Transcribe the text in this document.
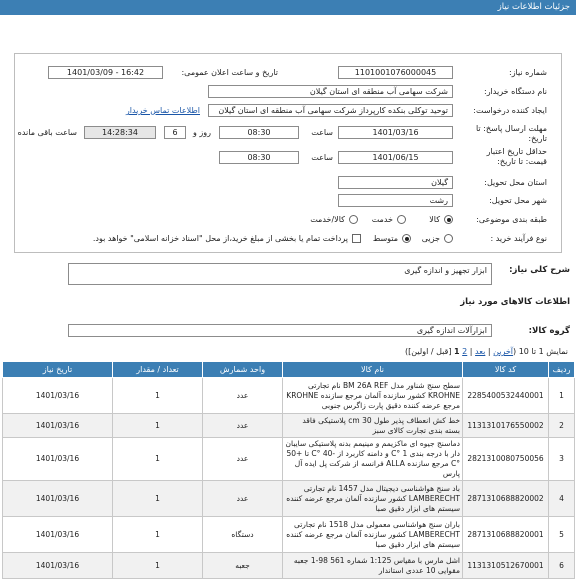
جزئیات اطلاعات نیاز
شماره نیاز:
1101001076000045
تاریخ و ساعت اعلان عمومی:
1401/03/09 - 16:42
نام دستگاه خریدار:
شرکت سهامی آب منطقه ای استان گیلان
ایجاد کننده درخواست:
توحید توکلی بنکده کارپرداز شرکت سهامی آب منطقه ای استان گیلان
اطلاعات تماس خریدار
مهلت ارسال پاسخ: تا
تاریخ:
1401/03/16
ساعت
08:30
6	روز و
14:28:34
ساعت باقی مانده
حداقل تاریخ اعتبار
قیمت: تا تاریخ:
1401/06/15
ساعت
08:30
استان محل تحویل:
گیلان
شهر محل تحویل:
رشت
طبقه بندی موضوعی:
کالا
خدمت
کالا/خدمت
نوع فرآیند خرید :
جزیی
متوسط
پرداخت تمام یا بخشی از مبلغ خرید،از محل "اسناد خزانه اسلامی" خواهد بود.
شرح کلی نیاز:
ابزار تجهیز و اندازه گیری
اطلاعات کالاهای مورد نیاز
گروه کالا:
ابزارآلات اندازه گیری
نمایش 1 تا 10 (آخرین | بعد | 2 1 [قبل / اولین])
ردیف	کد کالا	نام کالا	واحد شمارش	تعداد / مقدار	تاریخ نیاز
1	2285400532440001	سطح سنج شناور مدل BM 26A REF نام تجارتی KROHNE کشور سازنده آلمان مرجع سازنده KROHNE مرجع عرضه کننده دقیق پارت زاگرس جنوبی	عدد	1	1401/03/16
2	1131310176550002	خط کش انعطاف پذیر طول 30 cm پلاستیکی فاقد بسته بندی تجارت کالای سبز	عدد	1	1401/03/16
3	2821310080750056	دماسنج جیوه ای ماکزیمم و مینیمم بدنه پلاستیکی سایبان دار با درجه بندی 1 °C و دامنه کاربرد از -40 °C تا +50 °C مرجع سازنده ALLA فرانسه از شرکت پل ایده آل پارس	عدد	1	1401/03/16
4	2871310688820002	باد سنج هواشناسی دیجیتال مدل 1457 نام تجارتی LAMBERECHT کشور سازنده آلمان مرجع عرضه کننده سیستم های ابزار دقیق صبا	عدد	1	1401/03/16
5	2871310688820001	باران سنج هواشناسی معمولی مدل 1518 نام تجارتی LAMBERECHT کشور سازنده آلمان مرجع عرضه کننده سیستم های ابزار دقیق صبا	دستگاه	1	1401/03/16
6	1131310512670001	اشل مارس با مقیاس 1:125 شماره 561 98-1 جعبه مقوایی 10 عددی استاندار	جعبه	1	1401/03/16
